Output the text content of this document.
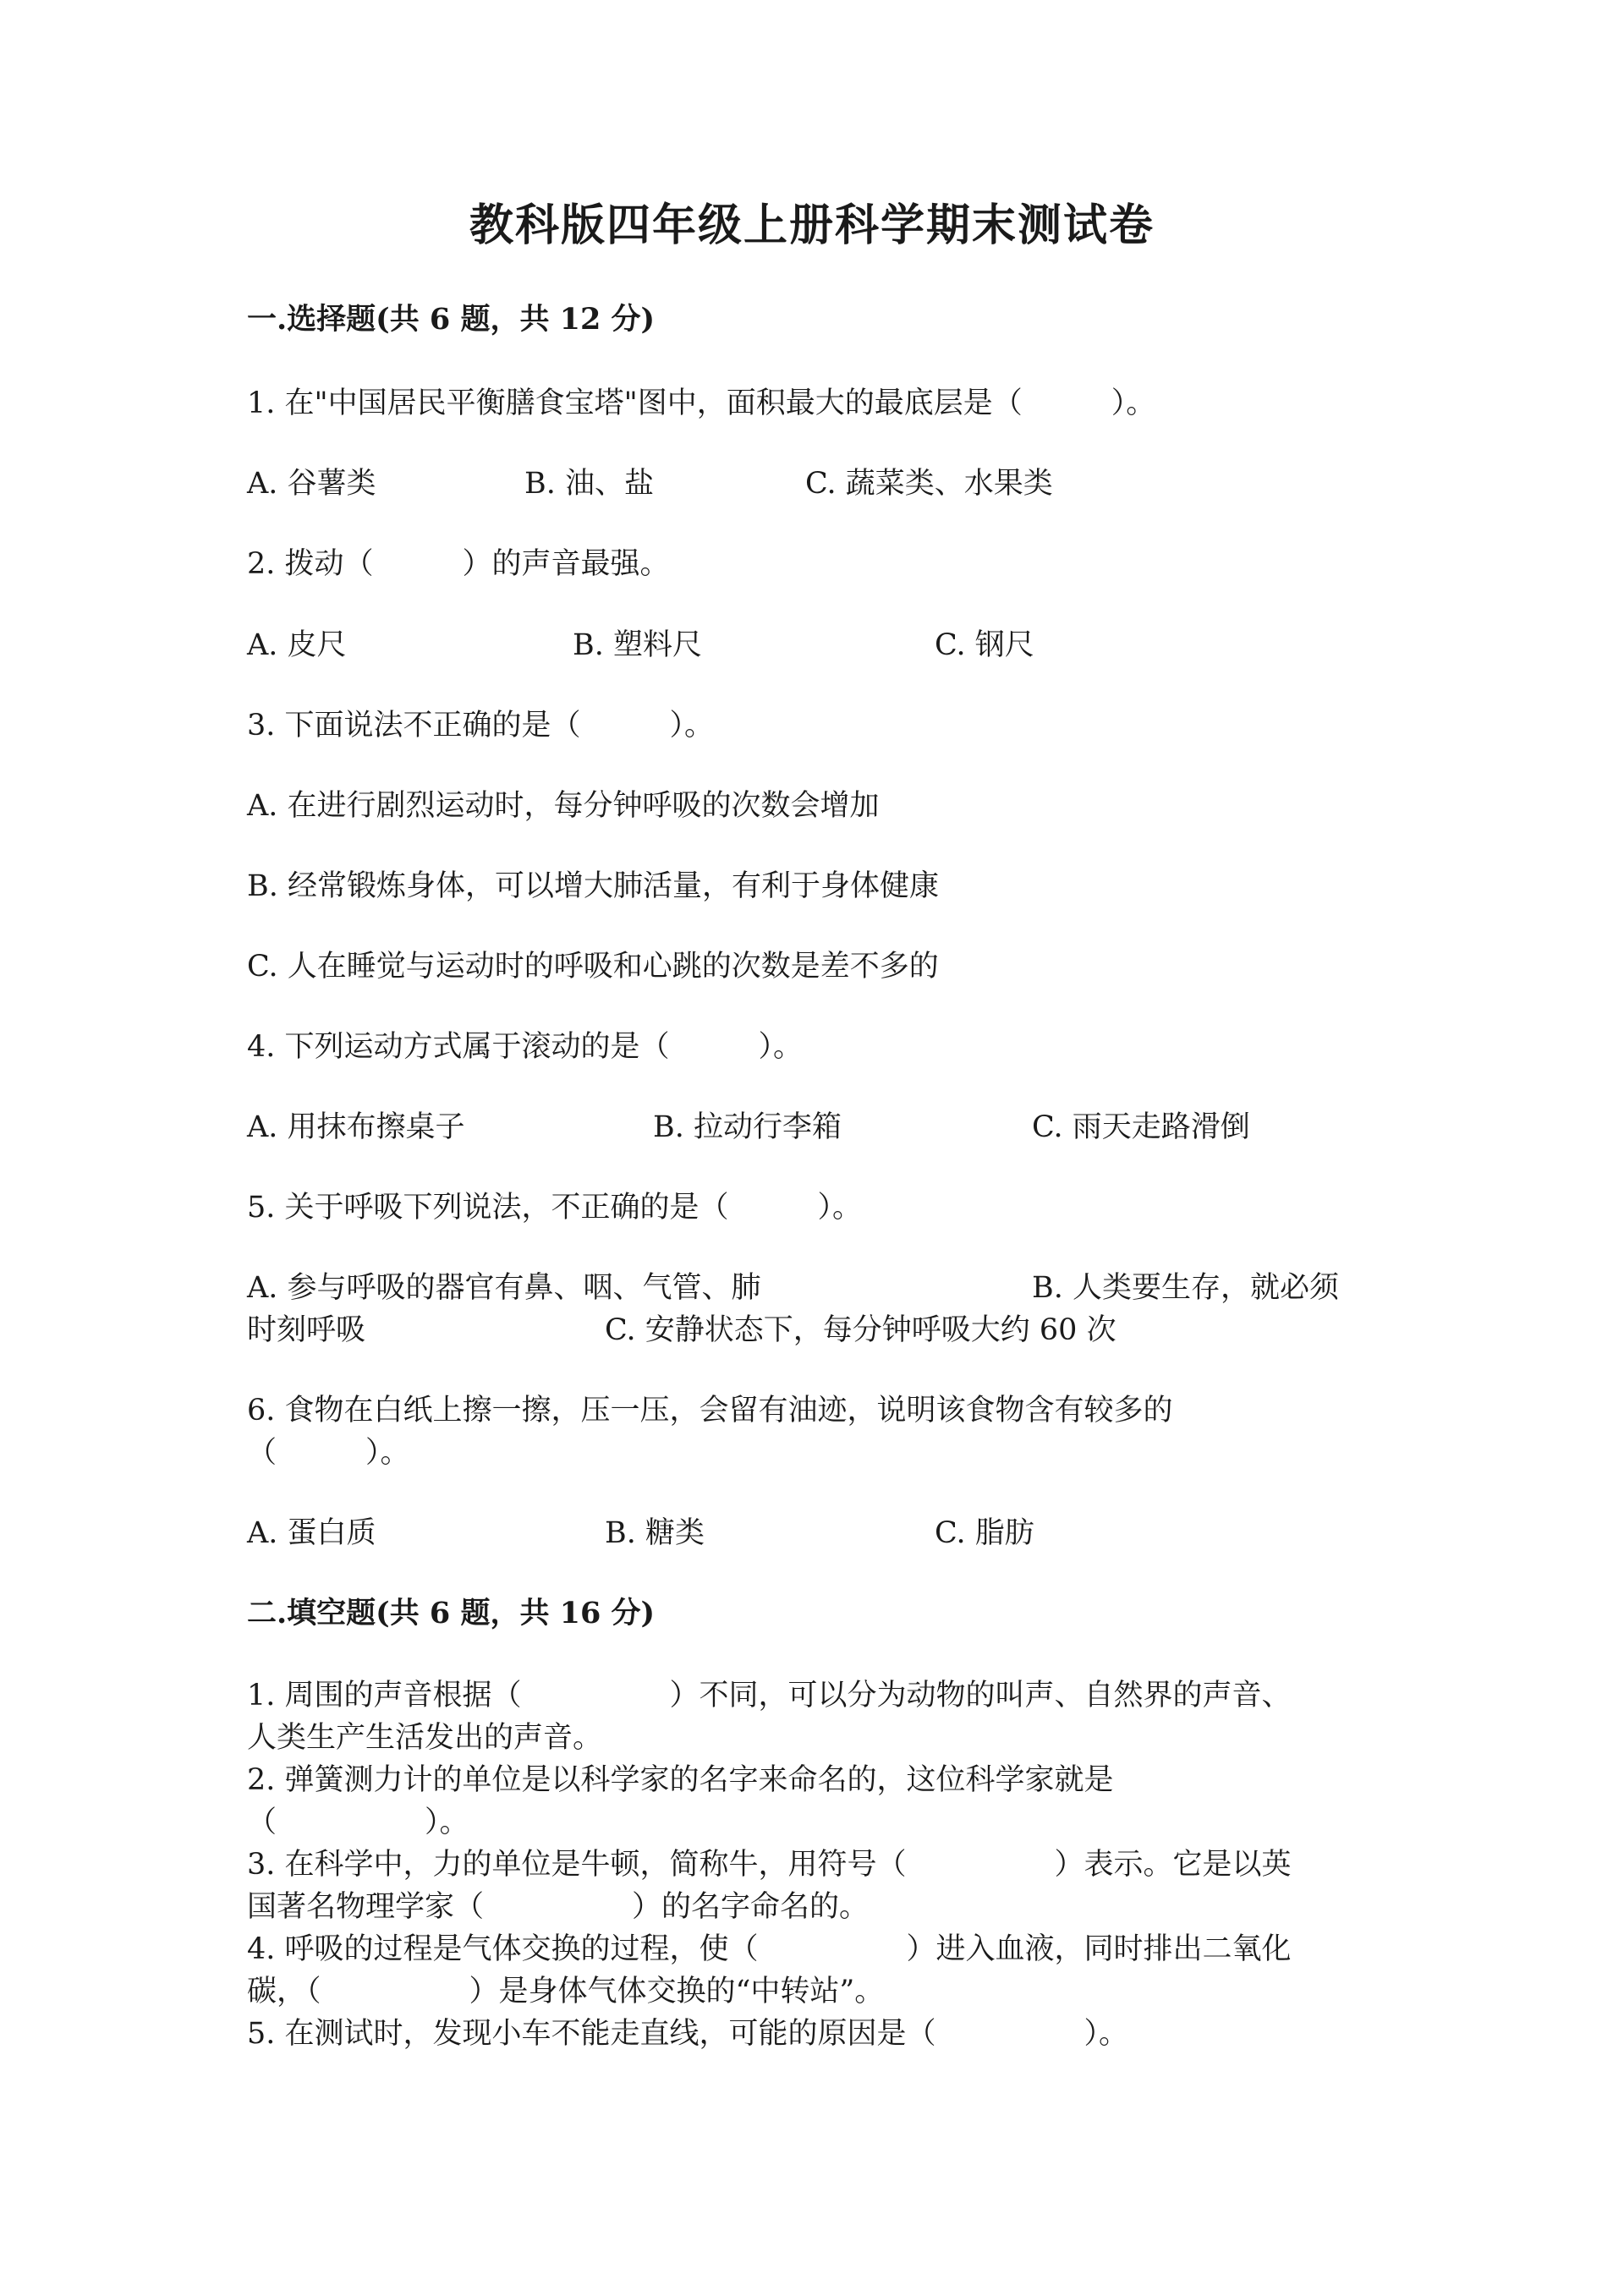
教科版四年级上册科学期末测试卷
一.选择题(共 6 题，共 12 分)
1. 在"中国居民平衡膳食宝塔"图中，面积最大的最底层是（　　　）。
A. 谷薯类	B. 油、盐	C. 蔬菜类、水果类
2. 拨动（　　　）的声音最强。
A. 皮尺	B. 塑料尺	C. 钢尺
3. 下面说法不正确的是（　　　）。
A. 在进行剧烈运动时，每分钟呼吸的次数会增加
B. 经常锻炼身体，可以增大肺活量，有利于身体健康
C. 人在睡觉与运动时的呼吸和心跳的次数是差不多的
4. 下列运动方式属于滚动的是（　　　）。
A. 用抹布擦桌子	B. 拉动行李箱	C. 雨天走路滑倒
5. 关于呼吸下列说法，不正确的是（　　　）。
A. 参与呼吸的器官有鼻、咽、气管、肺	B. 人类要生存，就必须
时刻呼吸	C. 安静状态下，每分钟呼吸大约 60 次
6. 食物在白纸上擦一擦，压一压，会留有油迹，说明该食物含有较多的
（　　　）。
A. 蛋白质	B. 糖类	C. 脂肪
二.填空题(共 6 题，共 16 分)
1. 周围的声音根据（　　　　　）不同，可以分为动物的叫声、自然界的声音、
人类生产生活发出的声音。
2. 弹簧测力计的单位是以科学家的名字来命名的，这位科学家就是
（　　　　　）。
3. 在科学中，力的单位是牛顿，简称牛，用符号（　　　　　）表示。它是以英
国著名物理学家（　　　　　）的名字命名的。
4. 呼吸的过程是气体交换的过程，使（　　　　　）进入血液，同时排出二氧化
碳，（　　　　　）是身体气体交换的“中转站”。
5. 在测试时，发现小车不能走直线，可能的原因是（　　　　　）。
